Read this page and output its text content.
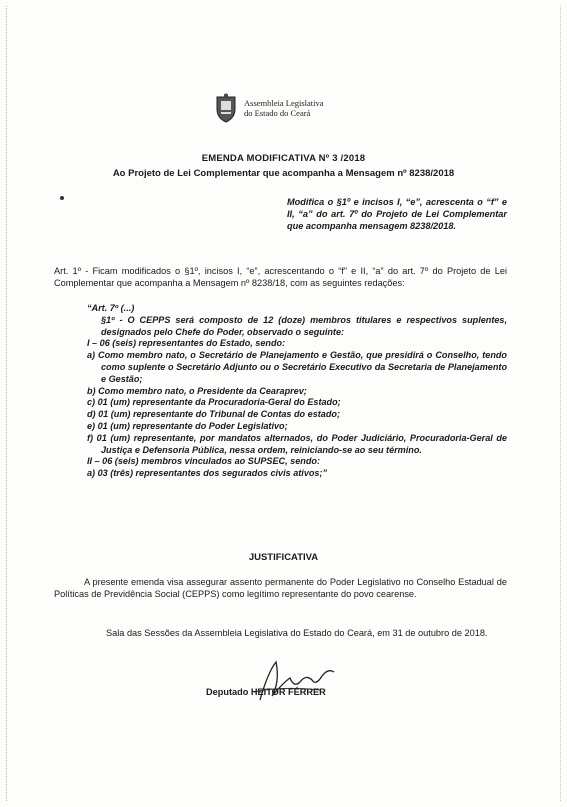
Assembleia Legislativa
do Estado do Ceará
EMENDA MODIFICATIVA Nº 3 /2018
Ao Projeto de Lei Complementar que acompanha a Mensagem nº 8238/2018

Modifica o §1º e incisos I, “e”, acrescenta o “f” e II, “a” do art. 7º do Projeto de Lei Complementar que acompanha mensagem 8238/2018.

Art. 1º - Ficam modificados o §1º, incisos I, “e”, acrescentando o “f” e II, “a” do art. 7º do Projeto de Lei Complementar que acompanha a Mensagem nº 8238/18, com as seguintes redações:

“Art. 7º (...)

§1º - O CEPPS será composto de 12 (doze) membros titulares e respectivos suplentes, designados pelo Chefe do Poder, observado o seguinte:

I – 06 (seis) representantes do Estado, sendo:

a) Como membro nato, o Secretário de Planejamento e Gestão, que presidirá o Conselho, tendo como suplente o Secretário Adjunto ou o Secretário Executivo da Secretaria de Planejamento e Gestão;

b) Como membro nato, o Presidente da Cearaprev;

c) 01 (um) representante da Procuradoria-Geral do Estado;

d) 01 (um) representante do Tribunal de Contas do estado;

e) 01 (um) representante do Poder Legislativo;

f) 01 (um) representante, por mandatos alternados, do Poder Judiciário, Procuradoria-Geral de Justiça e Defensoria Pública, nessa ordem, reiniciando-se ao seu término.

II – 06 (seis) membros vinculados ao SUPSEC, sendo:

a) 03 (três) representantes dos segurados civis ativos;”

JUSTIFICATIVA

A presente emenda visa assegurar assento permanente do Poder Legislativo no Conselho Estadual de Políticas de Previdência Social (CEPPS) como legítimo representante do povo cearense.

Sala das Sessões da Assembleia Legislativa do Estado do Ceará, em 31 de outubro de 2018.

Deputado HEITOR FÉRRER
